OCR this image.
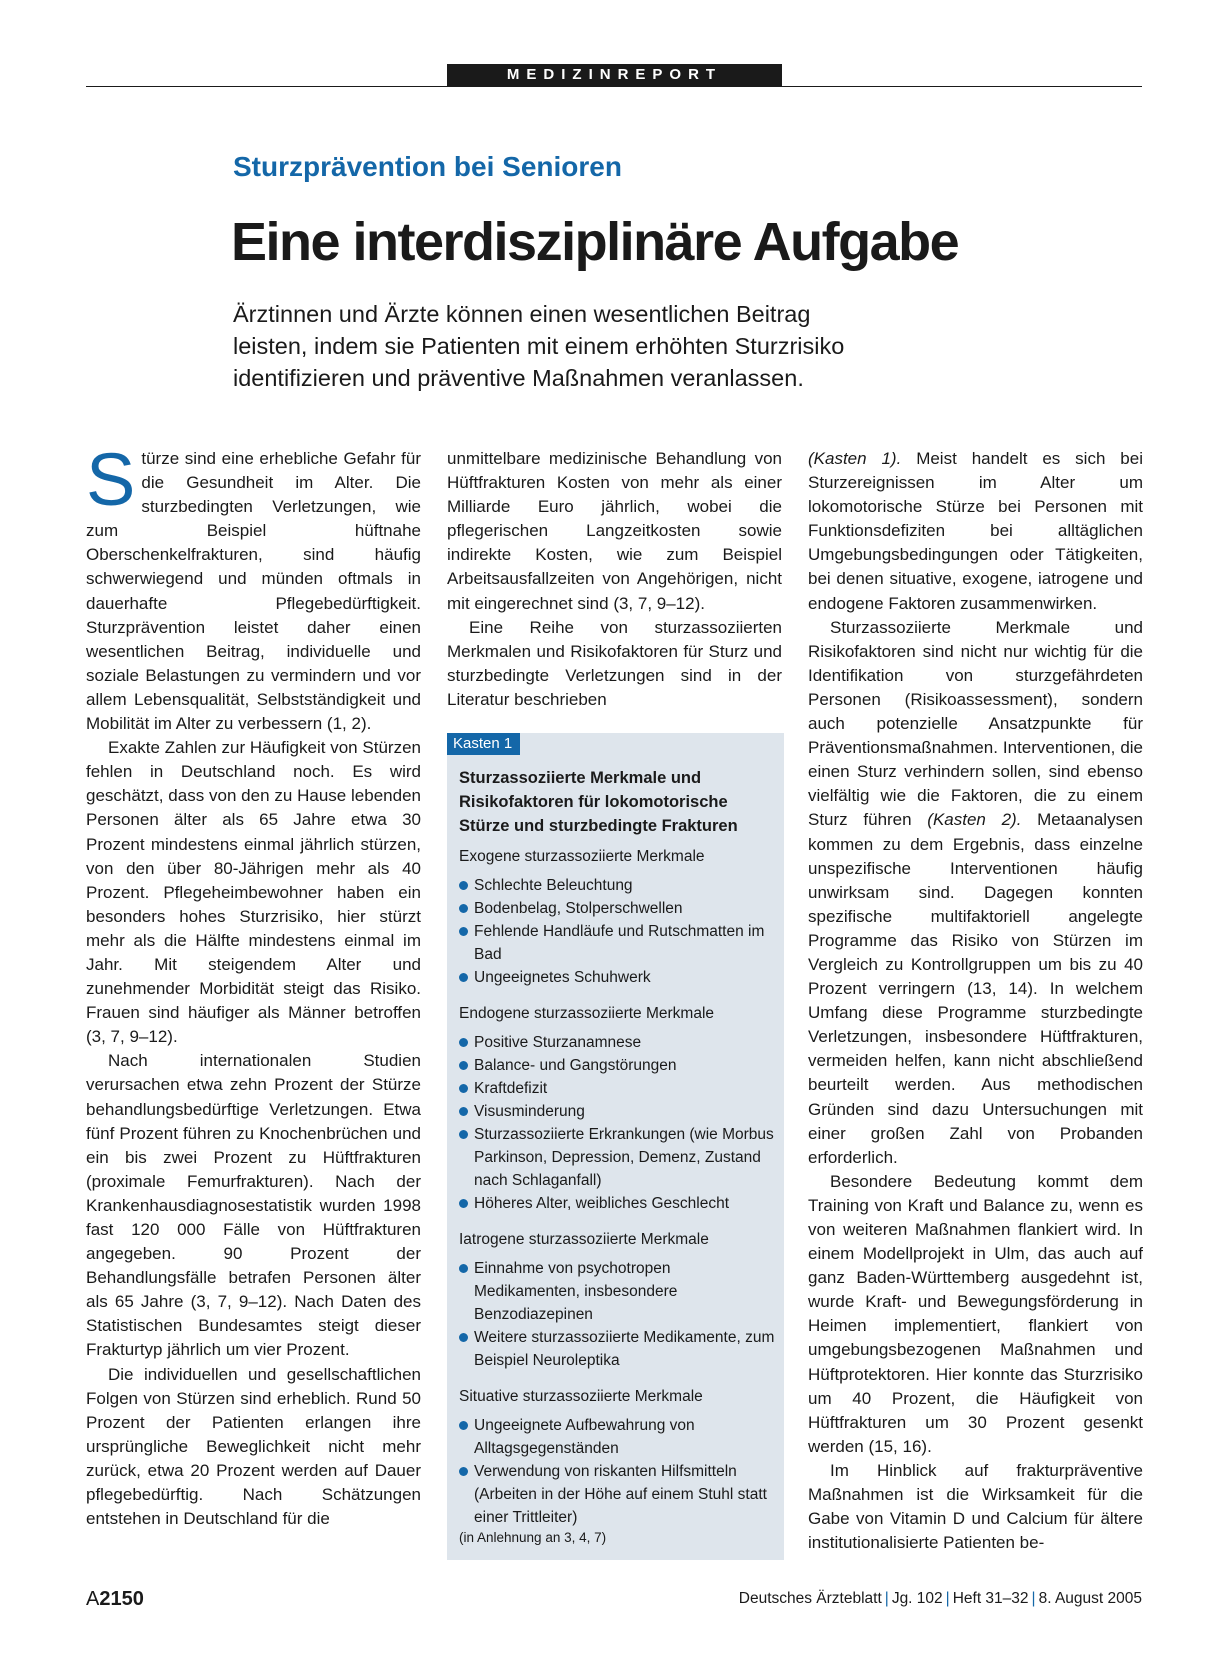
MEDIZINREPORT
Sturzprävention bei Senioren
Eine interdisziplinäre Aufgabe
Ärztinnen und Ärzte können einen wesentlichen Beitrag
leisten, indem sie Patienten mit einem erhöhten Sturzrisiko
identifizieren und präventive Maßnahmen veranlassen.

Stürze sind eine erhebliche Gefahr für die Gesundheit im Alter. Die sturzbedingten Verletzungen, wie zum Beispiel hüftnahe Oberschenkelfrakturen, sind häufig schwerwiegend und münden oftmals in dauerhafte Pflegebedürftigkeit. Sturzprävention leistet daher einen wesentlichen Beitrag, individuelle und soziale Belastungen zu vermindern und vor allem Lebensqualität, Selbstständigkeit und Mobilität im Alter zu verbessern (1, 2).

Exakte Zahlen zur Häufigkeit von Stürzen fehlen in Deutschland noch. Es wird geschätzt, dass von den zu Hause lebenden Personen älter als 65 Jahre etwa 30 Prozent mindestens einmal jährlich stürzen, von den über 80-Jährigen mehr als 40 Prozent. Pflegeheimbewohner haben ein besonders hohes Sturzrisiko, hier stürzt mehr als die Hälfte mindestens einmal im Jahr. Mit steigendem Alter und zunehmender Morbidität steigt das Risiko. Frauen sind häufiger als Männer betroffen (3, 7, 9–12).

Nach internationalen Studien verursachen etwa zehn Prozent der Stürze behandlungsbedürftige Verletzungen. Etwa fünf Prozent führen zu Knochenbrüchen und ein bis zwei Prozent zu Hüftfrakturen (proximale Femurfrakturen). Nach der Krankenhausdiagnosestatistik wurden 1998 fast 120 000 Fälle von Hüftfrakturen angegeben. 90 Prozent der Behandlungsfälle betrafen Personen älter als 65 Jahre (3, 7, 9–12). Nach Daten des Statistischen Bundesamtes steigt dieser Frakturtyp jährlich um vier Prozent.

Die individuellen und gesellschaftlichen Folgen von Stürzen sind erheblich. Rund 50 Prozent der Patienten erlangen ihre ursprüngliche Beweglichkeit nicht mehr zurück, etwa 20 Prozent werden auf Dauer pflegebedürftig. Nach Schätzungen entstehen in Deutschland für die

unmittelbare medizinische Behandlung von Hüftfrakturen Kosten von mehr als einer Milliarde Euro jährlich, wobei die pflegerischen Langzeitkosten sowie indirekte Kosten, wie zum Beispiel Arbeitsausfallzeiten von Angehörigen, nicht mit eingerechnet sind (3, 7, 9–12).

Eine Reihe von sturzassoziierten Merkmalen und Risikofaktoren für Sturz und sturzbedingte Verletzungen sind in der Literatur beschrieben

Kasten 1
Sturzassoziierte Merkmale und Risikofaktoren für lokomotorische Stürze und sturzbedingte Frakturen

Exogene sturzassoziierte Merkmale

Schlechte Beleuchtung
Bodenbelag, Stolperschwellen
Fehlende Handläufe und Rutschmatten im Bad
Ungeeignetes Schuhwerk

Endogene sturzassoziierte Merkmale

Positive Sturzanamnese
Balance- und Gangstörungen
Kraftdefizit
Visusminderung
Sturzassoziierte Erkrankungen (wie Morbus Parkinson, Depression, Demenz, Zustand nach Schlaganfall)
Höheres Alter, weibliches Geschlecht

Iatrogene sturzassoziierte Merkmale

Einnahme von psychotropen Medikamenten, insbesondere Benzodiazepinen
Weitere sturzassoziierte Medikamente, zum Beispiel Neuroleptika

Situative sturzassoziierte Merkmale

Ungeeignete Aufbewahrung von Alltagsgegenständen
Verwendung von riskanten Hilfsmitteln (Arbeiten in der Höhe auf einem Stuhl statt einer Trittleiter)
(in Anlehnung an 3, 4, 7)

(Kasten 1). Meist handelt es sich bei Sturzereignissen im Alter um lokomotorische Stürze bei Personen mit Funktionsdefiziten bei alltäglichen Umgebungsbedingungen oder Tätigkeiten, bei denen situative, exogene, iatrogene und endogene Faktoren zusammenwirken.

Sturzassoziierte Merkmale und Risikofaktoren sind nicht nur wichtig für die Identifikation von sturzgefährdeten Personen (Risikoassessment), sondern auch potenzielle Ansatzpunkte für Präventionsmaßnahmen. Interventionen, die einen Sturz verhindern sollen, sind ebenso vielfältig wie die Faktoren, die zu einem Sturz führen (Kasten 2). Metaanalysen kommen zu dem Ergebnis, dass einzelne unspezifische Interventionen häufig unwirksam sind. Dagegen konnten spezifische multifaktoriell angelegte Programme das Risiko von Stürzen im Vergleich zu Kontrollgruppen um bis zu 40 Prozent verringern (13, 14). In welchem Umfang diese Programme sturzbedingte Verletzungen, insbesondere Hüftfrakturen, vermeiden helfen, kann nicht abschließend beurteilt werden. Aus methodischen Gründen sind dazu Untersuchungen mit einer großen Zahl von Probanden erforderlich.

Besondere Bedeutung kommt dem Training von Kraft und Balance zu, wenn es von weiteren Maßnahmen flankiert wird. In einem Modellprojekt in Ulm, das auch auf ganz Baden-Württemberg ausgedehnt ist, wurde Kraft- und Bewegungsförderung in Heimen implementiert, flankiert von umgebungsbezogenen Maßnahmen und Hüftprotektoren. Hier konnte das Sturzrisiko um 40 Prozent, die Häufigkeit von Hüftfrakturen um 30 Prozent gesenkt werden (15, 16).

Im Hinblick auf frakturpräventive Maßnahmen ist die Wirksamkeit für die Gabe von Vitamin D und Calcium für ältere institutionalisierte Patienten be-

A2150	Deutsches Ärzteblatt | Jg. 102 | Heft 31–32 | 8. August 2005
